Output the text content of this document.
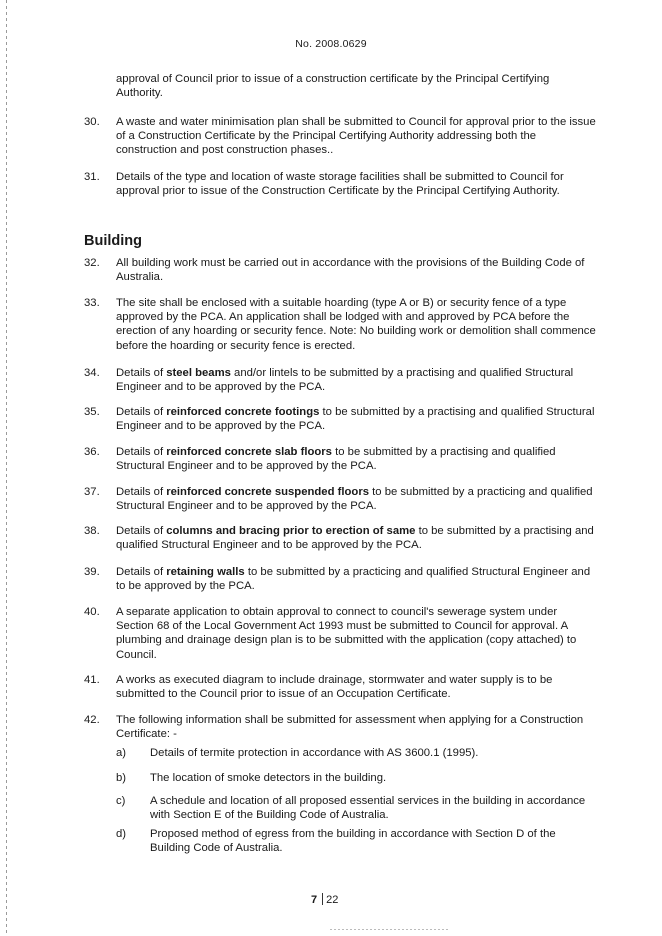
No. 2008.0629
approval of Council prior to issue of a construction certificate by the Principal Certifying Authority.
30. A waste and water minimisation plan shall be submitted to Council for approval prior to the issue of a Construction Certificate by the Principal Certifying Authority addressing both the construction and post construction phases..
31. Details of the type and location of waste storage facilities shall be submitted to Council for approval prior to issue of the Construction Certificate by the Principal Certifying Authority.
Building
32. All building work must be carried out in accordance with the provisions of the Building Code of Australia.
33. The site shall be enclosed with a suitable hoarding (type A or B) or security fence of a type approved by the PCA. An application shall be lodged with and approved by PCA before the erection of any hoarding or security fence. Note: No building work or demolition shall commence before the hoarding or security fence is erected.
34. Details of steel beams and/or lintels to be submitted by a practising and qualified Structural Engineer and to be approved by the PCA.
35. Details of reinforced concrete footings to be submitted by a practising and qualified Structural Engineer and to be approved by the PCA.
36. Details of reinforced concrete slab floors to be submitted by a practising and qualified Structural Engineer and to be approved by the PCA.
37. Details of reinforced concrete suspended floors to be submitted by a practicing and qualified Structural Engineer and to be approved by the PCA.
38. Details of columns and bracing prior to erection of same to be submitted by a practising and qualified Structural Engineer and to be approved by the PCA.
39. Details of retaining walls to be submitted by a practicing and qualified Structural Engineer and to be approved by the PCA.
40. A separate application to obtain approval to connect to council's sewerage system under Section 68 of the Local Government Act 1993 must be submitted to Council for approval. A plumbing and drainage design plan is to be submitted with the application (copy attached) to Council.
41. A works as executed diagram to include drainage, stormwater and water supply is to be submitted to the Council prior to issue of an Occupation Certificate.
42. The following information shall be submitted for assessment when applying for a Construction Certificate: -
a) Details of termite protection in accordance with AS 3600.1 (1995).
b) The location of smoke detectors in the building.
c) A schedule and location of all proposed essential services in the building in accordance with Section E of the Building Code of Australia.
d) Proposed method of egress from the building in accordance with Section D of the Building Code of Australia.
7 22
